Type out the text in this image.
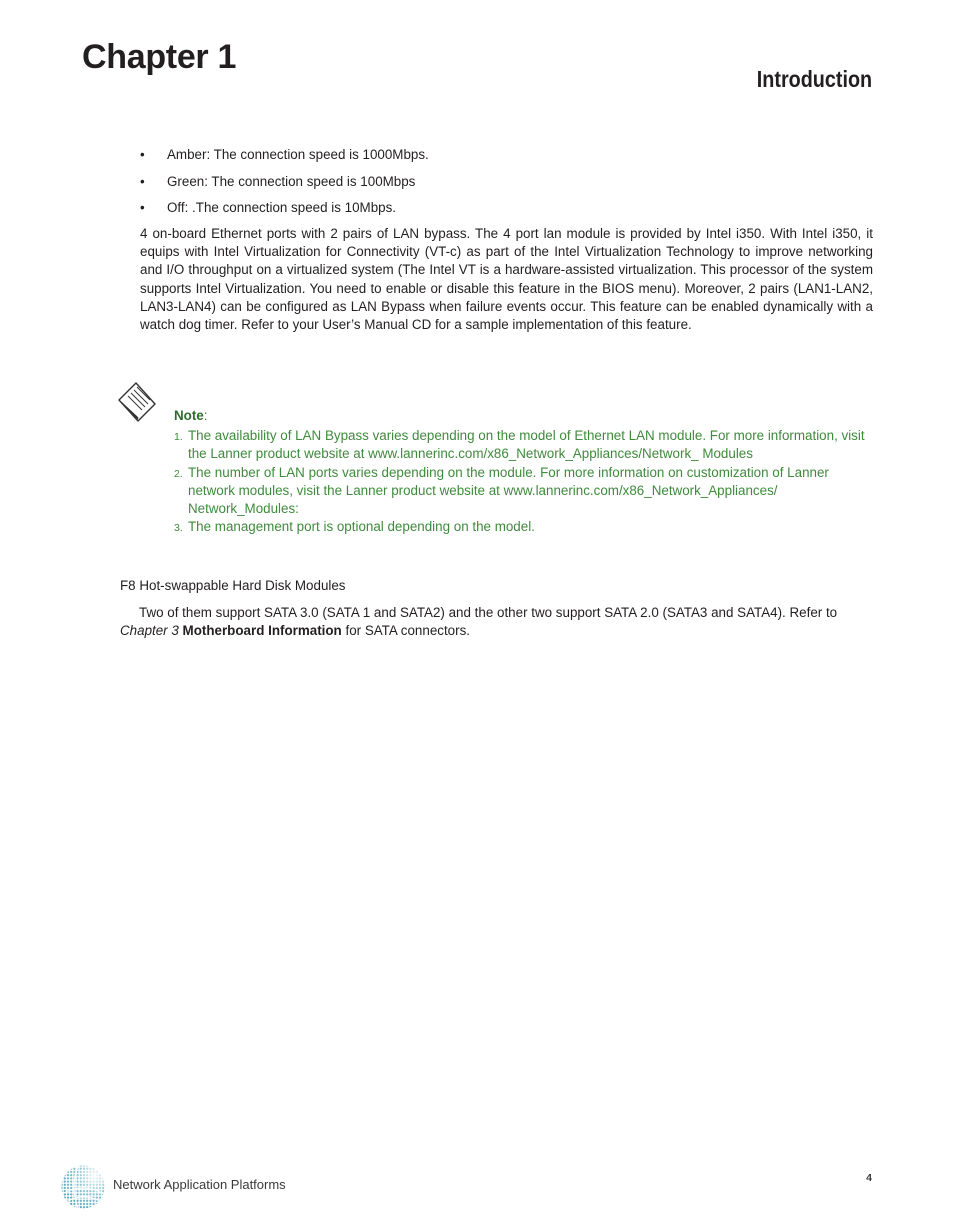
Chapter 1
Introduction
• Amber: The connection speed is 1000Mbps.
• Green: The connection speed is 100Mbps
• Off: .The connection speed is 10Mbps.

4 on-board Ethernet ports with 2 pairs of LAN bypass. The 4 port lan module is provided by Intel i350. With Intel i350, it equips with Intel Virtualization for Connectivity (VT-c) as part of the Intel Virtualization Technology to improve networking and I/O throughput on a virtualized system (The Intel VT is a hardware-assisted virtualization. This processor of the system supports Intel Virtualization. You need to enable or disable this feature in the BIOS menu). Moreover, 2 pairs (LAN1-LAN2, LAN3-LAN4) can be configured as LAN Bypass when failure events occur. This feature can be enabled dynamically with a watch dog timer. Refer to your User’s Manual CD for a sample implementation of this feature.

Note:

1. The availability of LAN Bypass varies depending on the model of Ethernet LAN module. For more information, visit the Lanner product website at www.lannerinc.com/x86_Network_Appliances/Network_ Modules
2. The number of LAN ports varies depending on the module. For more information on customization of Lanner network modules, visit the Lanner product website at www.lannerinc.com/x86_Network_Appliances/ Network_Modules:
3. The management port is optional depending on the model.

F8 Hot-swappable Hard Disk Modules

Two of them support SATA 3.0 (SATA 1 and SATA2) and the other two support SATA 2.0 (SATA3 and SATA4). Refer to Chapter 3 Motherboard Information for SATA connectors.

Network Application Platforms	4
